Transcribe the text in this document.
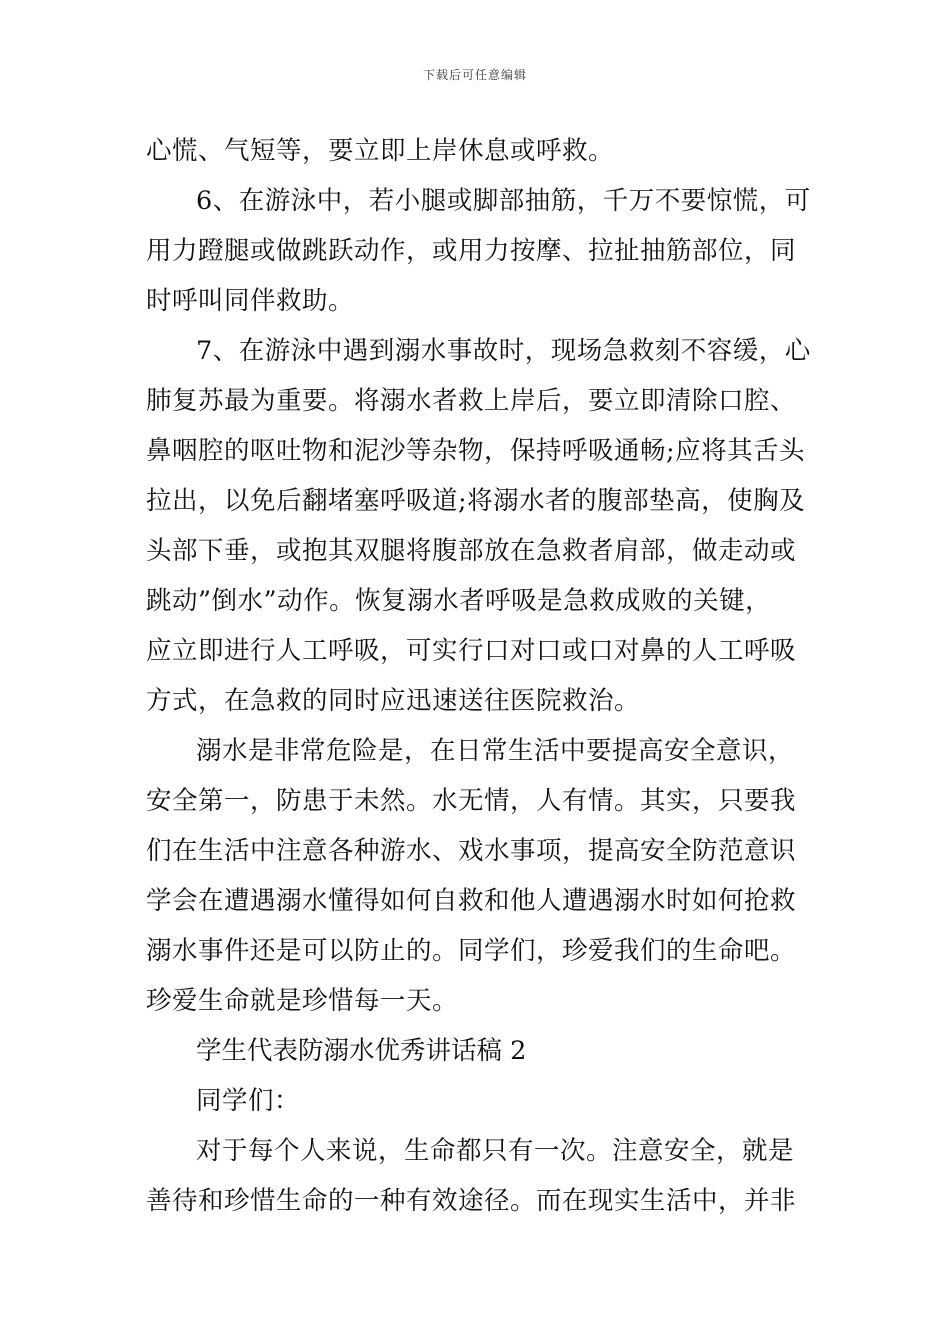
下载后可任意编辑
心慌、气短等，要立即上岸休息或呼救。
6、在游泳中，若小腿或脚部抽筋，千万不要惊慌，可
用力蹬腿或做跳跃动作，或用力按摩、拉扯抽筋部位，同
时呼叫同伴救助。
7、在游泳中遇到溺水事故时，现场急救刻不容缓，心
肺复苏最为重要。将溺水者救上岸后，要立即清除口腔、
鼻咽腔的呕吐物和泥沙等杂物，保持呼吸通畅;应将其舌头
拉出，以免后翻堵塞呼吸道;将溺水者的腹部垫高，使胸及
头部下垂，或抱其双腿将腹部放在急救者肩部，做走动或
跳动”倒水”动作。恢复溺水者呼吸是急救成败的关键，
应立即进行人工呼吸，可实行口对口或口对鼻的人工呼吸
方式，在急救的同时应迅速送往医院救治。
溺水是非常危险是，在日常生活中要提高安全意识，
安全第一，防患于未然。水无情，人有情。其实，只要我
们在生活中注意各种游水、戏水事项，提高安全防范意识
学会在遭遇溺水懂得如何自救和他人遭遇溺水时如何抢救
溺水事件还是可以防止的。同学们，珍爱我们的生命吧。
珍爱生命就是珍惜每一天。
学生代表防溺水优秀讲话稿 2
同学们：
对于每个人来说，生命都只有一次。注意安全，就是
善待和珍惜生命的一种有效途径。而在现实生活中，并非
